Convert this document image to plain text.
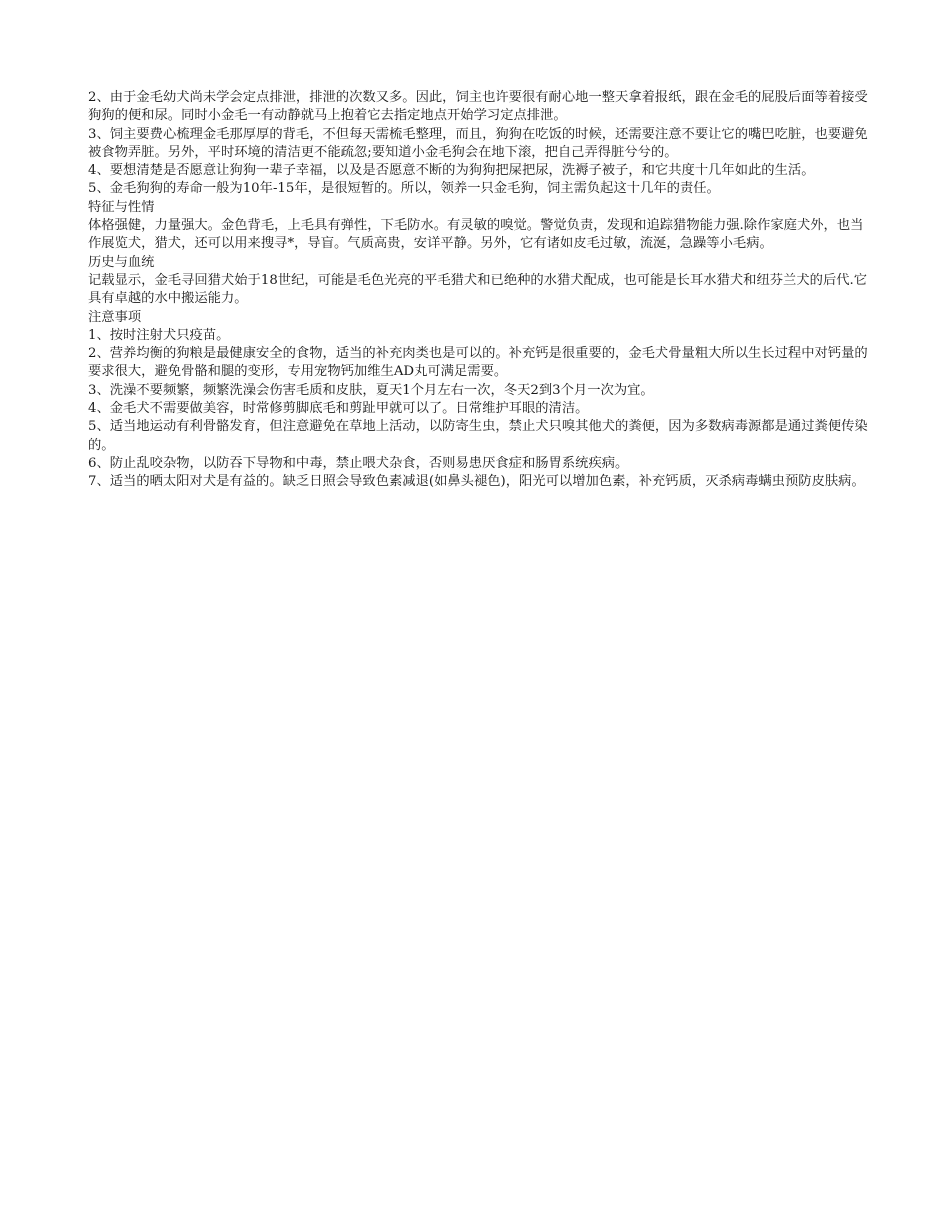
2、由于金毛幼犬尚未学会定点排泄，排泄的次数又多。因此，饲主也许要很有耐心地一整天拿着报纸，跟在金毛的屁股后面等着接受狗狗的便和尿。同时小金毛一有动静就马上抱着它去指定地点开始学习定点排泄。

3、饲主要费心梳理金毛那厚厚的背毛，不但每天需梳毛整理，而且，狗狗在吃饭的时候，还需要注意不要让它的嘴巴吃脏，也要避免被食物弄脏。另外，平时环境的清洁更不能疏忽;要知道小金毛狗会在地下滚，把自己弄得脏兮兮的。

4、要想清楚是否愿意让狗狗一辈子幸福，以及是否愿意不断的为狗狗把屎把尿，洗褥子被子，和它共度十几年如此的生活。

5、金毛狗狗的寿命一般为10年-15年，是很短暂的。所以，领养一只金毛狗，饲主需负起这十几年的责任。

特征与性情

体格强健，力量强大。金色背毛，上毛具有弹性，下毛防水。有灵敏的嗅觉。警觉负责，发现和追踪猎物能力强.除作家庭犬外，也当作展览犬，猎犬，还可以用来搜寻*，导盲。气质高贵，安详平静。另外，它有诸如皮毛过敏，流涎，急躁等小毛病。

历史与血统

记载显示，金毛寻回猎犬始于18世纪，可能是毛色光亮的平毛猎犬和已绝种的水猎犬配成，也可能是长耳水猎犬和纽芬兰犬的后代.它具有卓越的水中搬运能力。

注意事项

1、按时注射犬只疫苗。

2、营养均衡的狗粮是最健康安全的食物，适当的补充肉类也是可以的。补充钙是很重要的，金毛犬骨量粗大所以生长过程中对钙量的要求很大，避免骨骼和腿的变形，专用宠物钙加维生AD丸可满足需要。

3、洗澡不要频繁，频繁洗澡会伤害毛质和皮肤，夏天1个月左右一次，冬天2到3个月一次为宜。

4、金毛犬不需要做美容，时常修剪脚底毛和剪趾甲就可以了。日常维护耳眼的清洁。

5、适当地运动有利骨骼发育，但注意避免在草地上活动，以防寄生虫，禁止犬只嗅其他犬的粪便，因为多数病毒源都是通过粪便传染的。

6、防止乱咬杂物，以防吞下导物和中毒，禁止喂犬杂食，否则易患厌食症和肠胃系统疾病。

7、适当的晒太阳对犬是有益的。缺乏日照会导致色素减退(如鼻头褪色)，阳光可以增加色素，补充钙质，灭杀病毒螨虫预防皮肤病。
